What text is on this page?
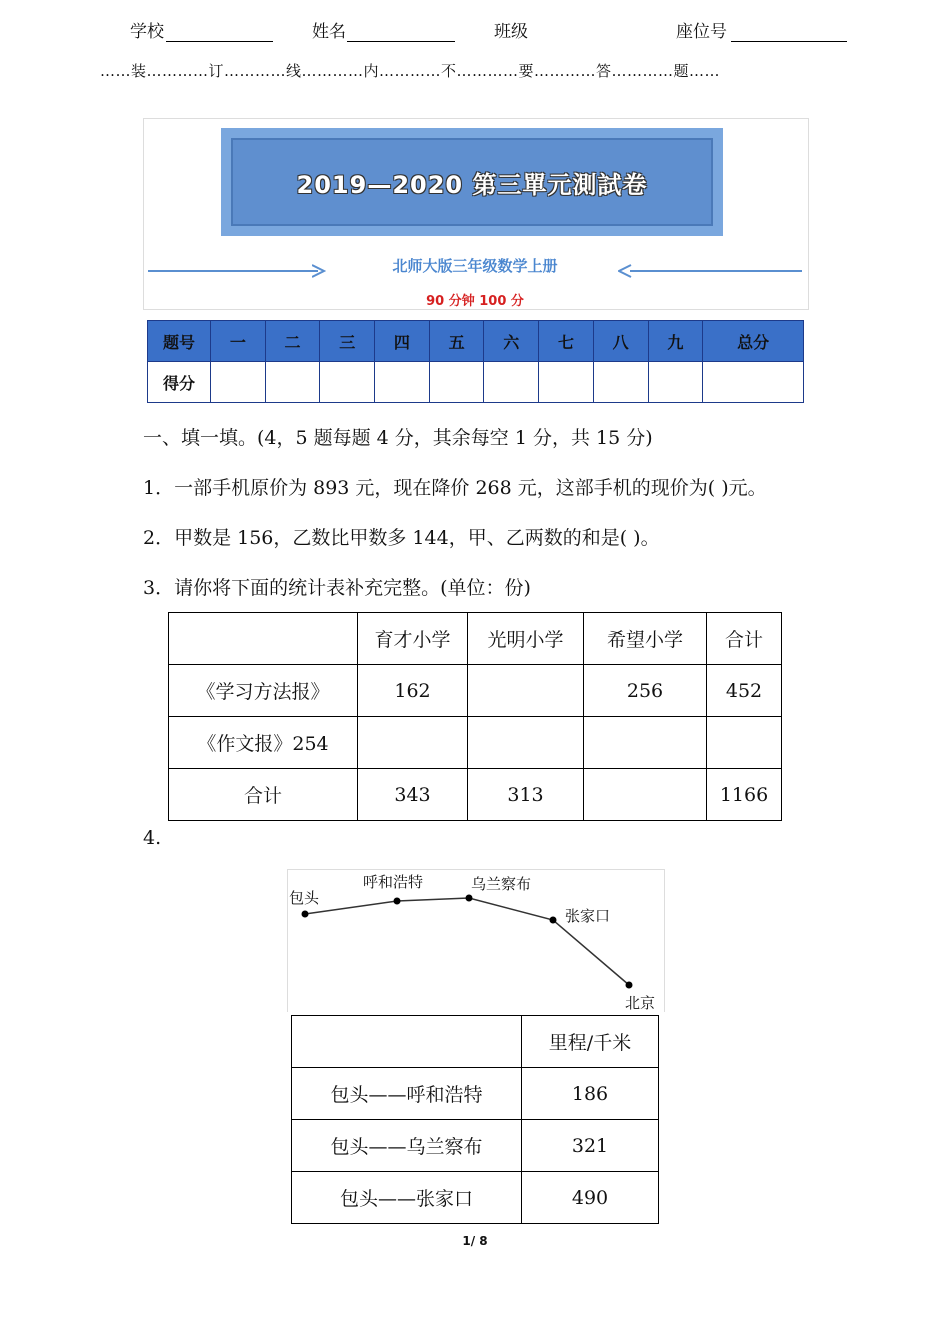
学校	姓名	班级	座位号
……装…………订…………线…………内…………不…………要…………答…………题……
2019—2020 第三單元測試卷
北师大版三年级数学上册
90 分钟 100 分
题号	一	二	三	四	五	六	七	八	九	总分
得分										
一、填一填。(4，5 题每题 4 分，其余每空 1 分，共 15 分)
1．一部手机原价为 893 元，现在降价 268 元，这部手机的现价为( )元。
2．甲数是 156，乙数比甲数多 144，甲、乙两数的和是( )。
3．请你将下面的统计表补充完整。(单位：份)
	育才小学	光明小学	希望小学	合计
《学习方法报》	162		256	452
《作文报》254				
合计	343	313		1166
4.
包头
呼和浩特	乌兰察布
张家口
北京
	里程/千米
包头——呼和浩特	186
包头——乌兰察布	321
包头——张家口	490
1/ 8
